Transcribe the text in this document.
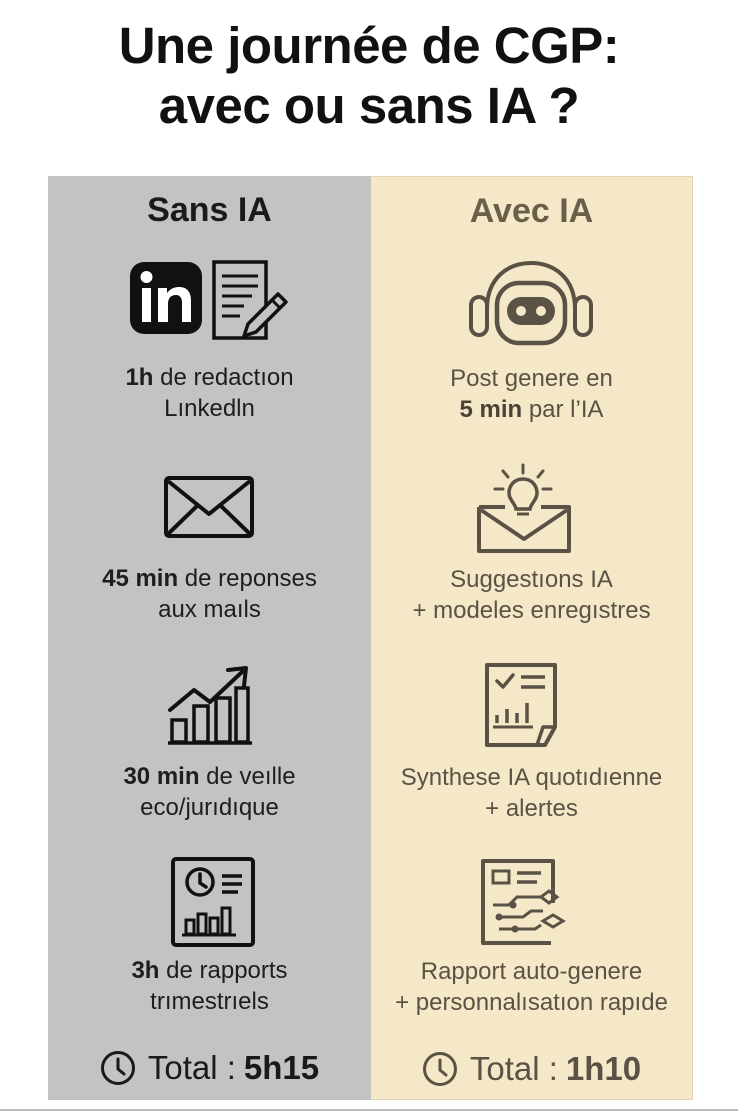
Une journée de CGP:
avec ou sans IA ?
Sans IA
1h de redactıon
Lınkedln
45 min de reponses
aux maıls
30 min de veılle
eco/jurıdıque
3h de rapports
trımestrıels
Total : 5h15
Avec IA
Post genere en
5 min par l’IA
Suggestıons IA
+ modeles enregıstres
Synthese IA quotıdıenne
+ alertes
Rapport auto-genere
+ personnalısatıon rapıde
Total : 1h10
